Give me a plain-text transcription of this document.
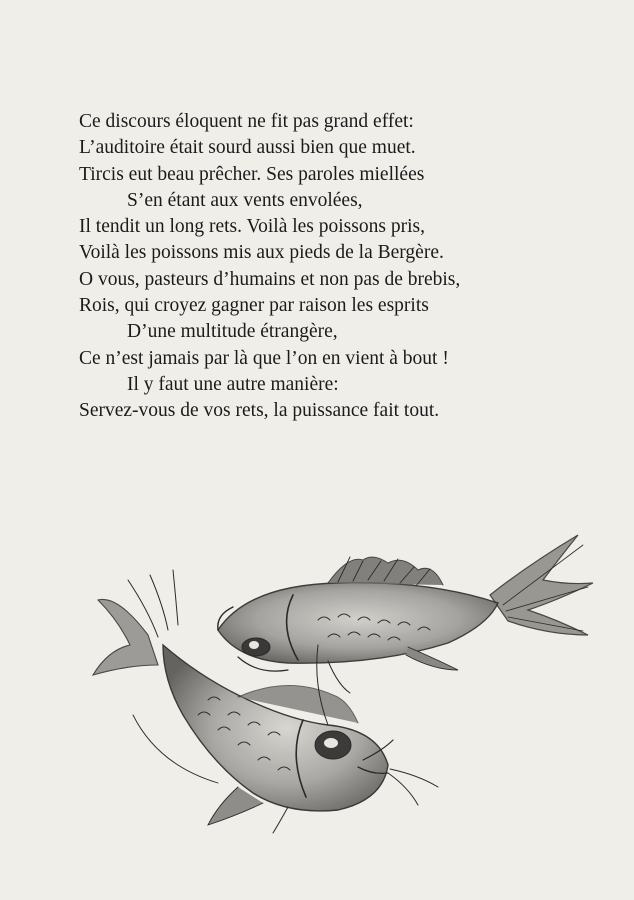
Ce discours éloquent ne fit pas grand effet:
L’auditoire était sourd aussi bien que muet.
Tircis eut beau prêcher. Ses paroles miellées
S’en étant aux vents envolées,
Il tendit un long rets. Voilà les poissons pris,
Voilà les poissons mis aux pieds de la Bergère.
O vous, pasteurs d’humains et non pas de brebis,
Rois, qui croyez gagner par raison les esprits
D’une multitude étrangère,
Ce n’est jamais par là que l’on en vient à bout !
Il y faut une autre manière:
Servez-vous de vos rets, la puissance fait tout.
